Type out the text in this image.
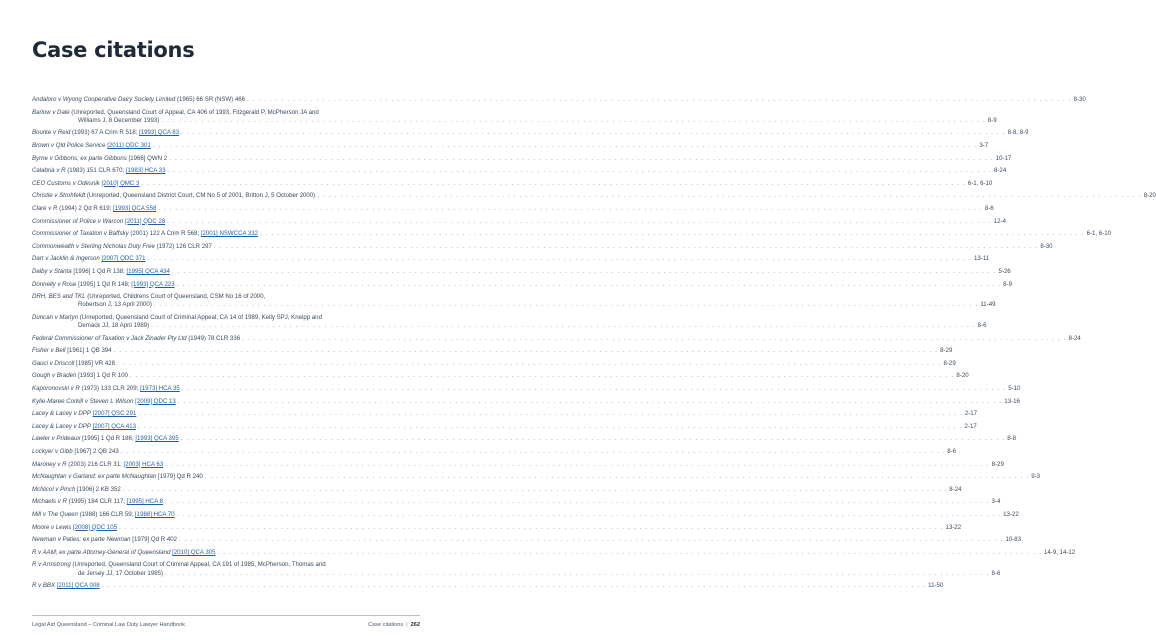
Case citations
Andaloro v Wyong Cooperative Dairy Society Limited (1965) 66 SR (NSW) 466 . . .	8-30
Barlow v Dale (Unreported, Queensland Court of Appeal, CA 406 of 1993, Fitzgerald P, McPherson JA and
Williams J, 8 December 1993) . . .	8-9
Bourke v Reid (1993) 67 A Crim R 518; [1993] QCA 83 . . .	8-8, 8-9
Brown v Qld Police Service [2011] QDC 301 . . .	3-7
Byrne v Gibbons; ex parte Gibbons [1966] QWN 2 . . .	10-17
Calabria v R (1983) 151 CLR 670; [1983] HCA 33 . . .	8-24
CEO Customs v Odesnik [2010] QMC 3 . . .	6-1, 6-10
Christie v Strohfeldt (Unreported, Queensland District Court, CM No 5 of 2001, Britton J, 5 October 2000) . . .	8-20
Clare v R (1994) 2 Qd R 619; [1993] QCA 558 . . .	8-6
Commissioner of Police v Warcon [2011] QDC 28 . . .	12-4
Commissioner of Taxation v Baffsky (2001) 122 A Crim R 568; [2001] NSWCCA 332 . . .	6-1, 6-10
Commonwealth v Sterling Nicholas Duty Free (1972) 126 CLR 297 . . .	8-30
Dart v Jacklin & Ingerson [2007] QDC 371 . . .	13-11
Dalby v Stanta [1996] 1 Qd R 138; [1995] QCA 434 . . .	5-26
Donnelly v Rose [1995] 1 Qd R 148; [1993] QCA 223 . . .	8-9
DRH, BES and TKL (Unreported, Childrens Court of Queensland, CSM No 16 of 2000,
Robertson J, 13 April 2000) . . .	11-49
Duncan v Martyn (Unreported, Queensland Court of Criminal Appeal, CA 14 of 1989, Kelly SPJ, Kneipp and
Demack JJ, 18 April 1989) . . .	8-6
Federal Commissioner of Taxation v Jack Zinader Pty Ltd (1949) 78 CLR 336 . . .	8-24
Fisher v Bell [1961] 1 QB 394 . . .	8-29
Gauci v Driscoll [1985] VR 428 . . .	8-29
Gough v Braden [1993] 1 Qd R 100 . . .	8-20
Kaporonovski v R (1973) 133 CLR 209; [1973] HCA 35 . . .	5-10
Kylie-Maree Corkill v Steven L Wilson [2009] QDC 13 . . .	13-16
Lacey & Lacey v DPP [2007] QSC 291 . . .	2-17
Lacey & Lacey v DPP [2007] QCA 413 . . .	2-17
Lawler v Prideaux [1995] 1 Qd R 186; [1993] QCA 395 . . .	8-8
Lockyer v Gibb [1967] 2 QB 243 . . .	8-6
Maroney v R (2003) 216 CLR 31; [2003] HCA 63 . . .	8-29
McNaughtan v Garland; ex parte McNaughtan [1979] Qd R 240 . . .	9-3
McNicol v Pinch [1906] 2 KB 352 . . .	8-24
Michaels v R (1995) 184 CLR 117; [1995] HCA 8 . . .	3-4
Mill v The Queen (1988) 166 CLR 59; [1988] HCA 70 . . .	13-22
Moore v Lewis [2008] QDC 105 . . .	13-22
Newman v Paties; ex parte Newman [1979] Qd R 402 . . .	10-83
R v AAM; ex parte Attorney-General of Queensland [2010] QCA 305 . . .	14-9, 14-12
R v Armstrong (Unreported, Queensland Court of Criminal Appeal, CA 191 of 1985, McPherson, Thomas and
de Jersey JJ, 17 October 1985) . . .	8-6
R v BBX [2011] QCA 008 . . .	11-50
Legal Aid Queensland – Criminal Law Duty Lawyer Handbook	Case citations | 262
